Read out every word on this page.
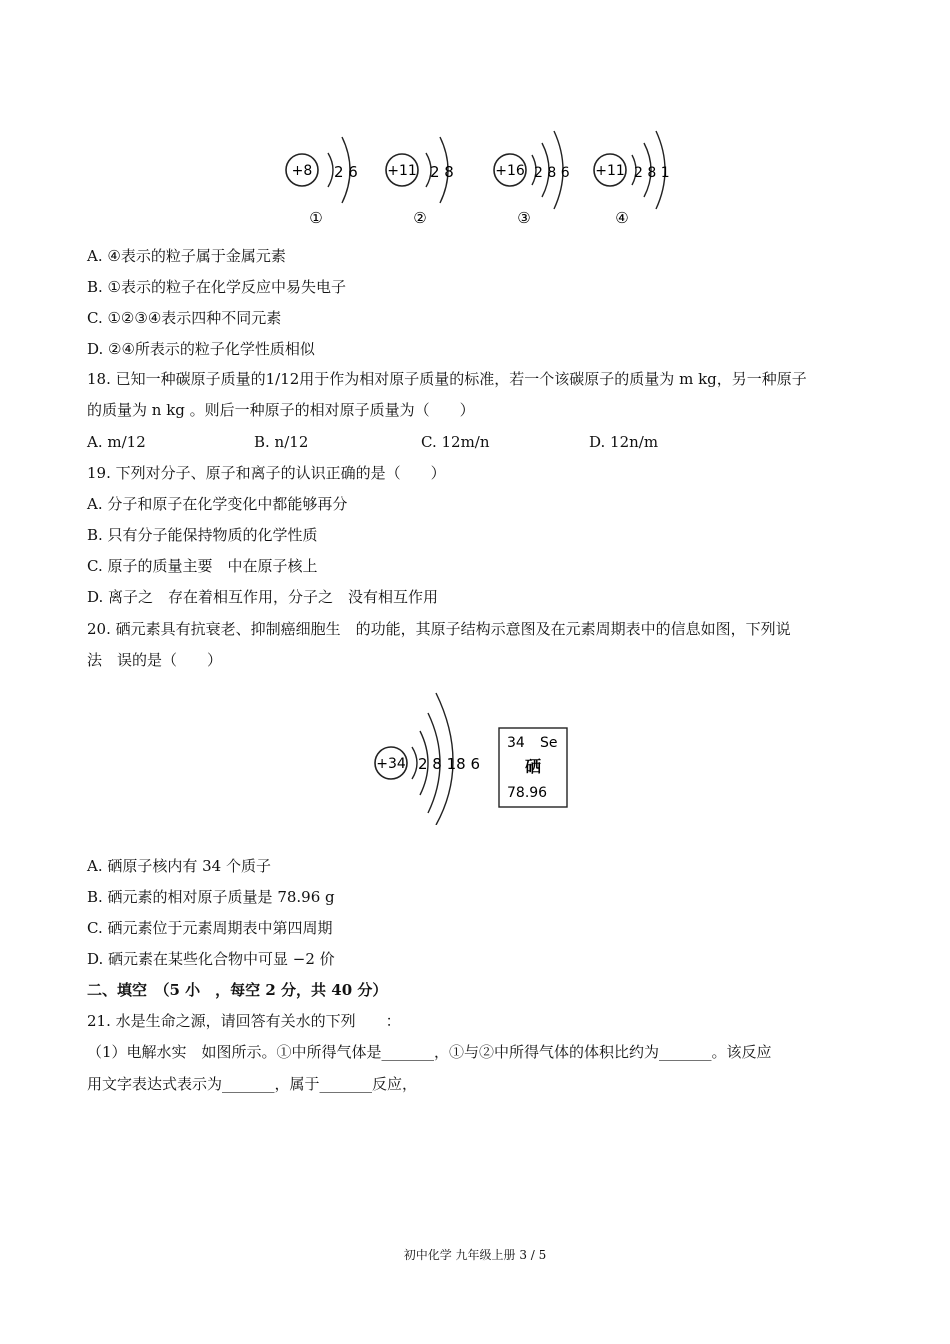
+8 2 6
①
+11 2 8
②
+16 2 8 6
③
+11 2 8 1
④
A. ④表示的粒子属于金属元素
B. ①表示的粒子在化学反应中易失电子
C. ①②③④表示四种不同元素
D. ②④所表示的粒子化学性质相似
18. 已知一种碳原子质量的1/12用于作为相对原子质量的标准，若一个该碳原子的质量为 m kg，另一种原子
的质量为 n kg 。则后一种原子的相对原子质量为（　　）
A. m/12	B. n/12	C. 12m/n	D. 12n/m
19. 下列对分子、原子和离子的认识正确的是（　　）
A. 分子和原子在化学变化中都能够再分
B. 只有分子能保持物质的化学性质
C. 原子的质量主要　中在原子核上
D. 离子之　存在着相互作用，分子之　没有相互作用
20. 硒元素具有抗衰老、抑制癌细胞生　的功能，其原子结构示意图及在元素周期表中的信息如图，下列说
法　误的是（　　）
+34 2 8 18 6
34 Se
硒
78.96
A. 硒原子核内有 34 个质子
B. 硒元素的相对原子质量是 78.96 g
C. 硒元素位于元素周期表中第四周期
D. 硒元素在某些化合物中可显 −2 价
二、填空　（5 小　，每空 2 分，共 40 分）
21. 水是生命之源，请回答有关水的下列　　：
（1）电解水实　如图所示。①中所得气体是_______，①与②中所得气体的体积比约为_______。该反应
用文字表达式表示为_______，属于_______反应，
初中化学 九年级上册 3 / 5
